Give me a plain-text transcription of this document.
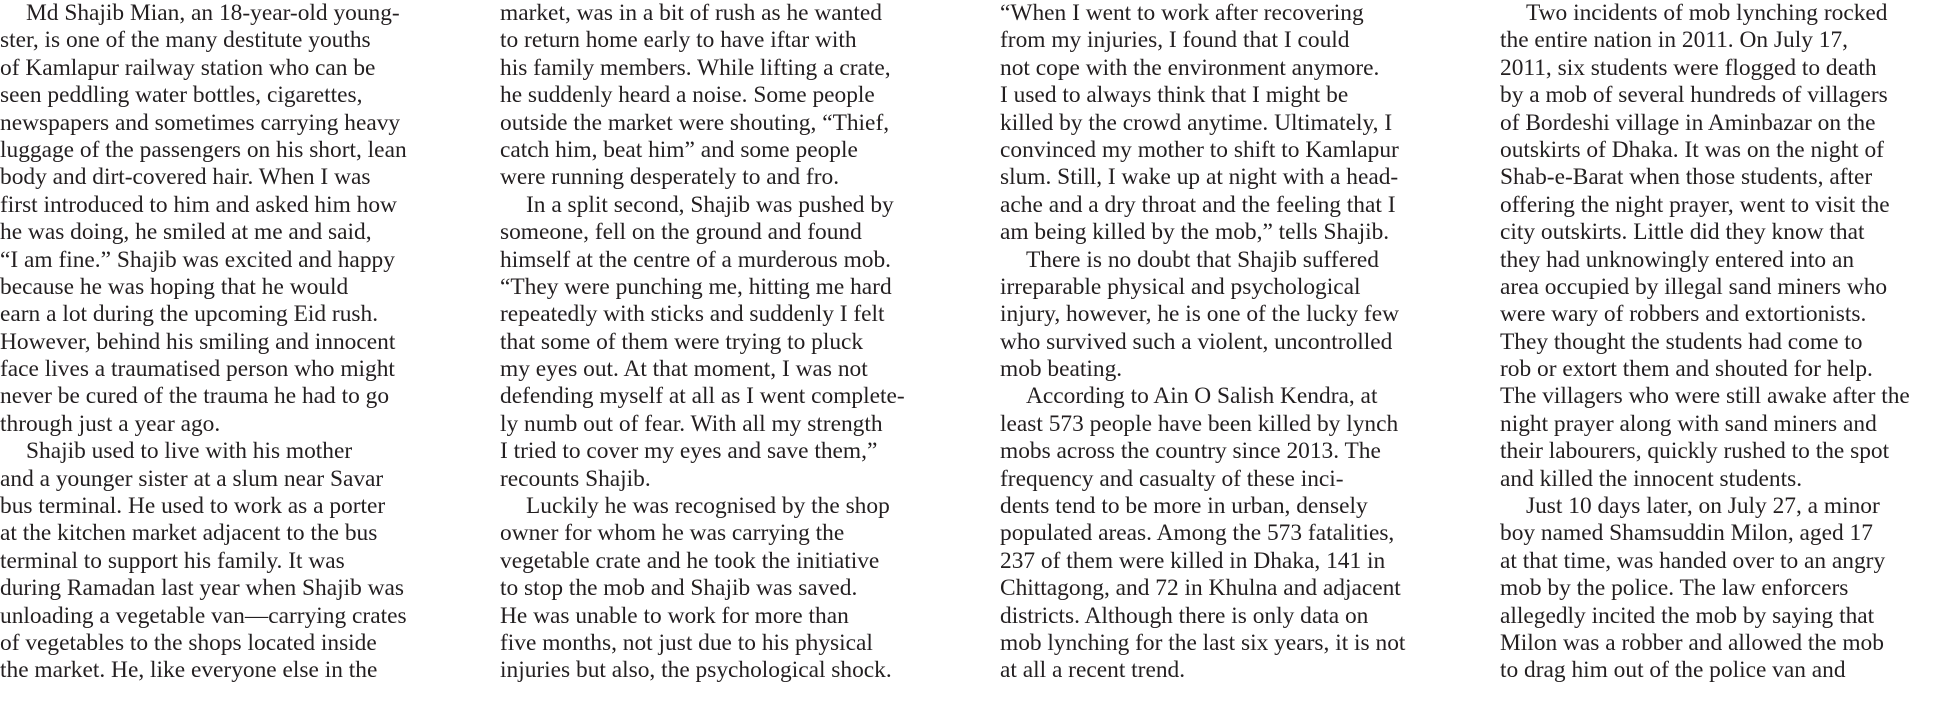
Md Shajib Mian, an 18-year-old young-
ster, is one of the many destitute youths
of Kamlapur railway station who can be
seen peddling water bottles, cigarettes,
newspapers and sometimes carrying heavy
luggage of the passengers on his short, lean
body and dirt-covered hair. When I was
first introduced to him and asked him how
he was doing, he smiled at me and said,
“I am fine.” Shajib was excited and happy
because he was hoping that he would
earn a lot during the upcoming Eid rush.
However, behind his smiling and innocent
face lives a traumatised person who might
never be cured of the trauma he had to go
through just a year ago.
Shajib used to live with his mother
and a younger sister at a slum near Savar
bus terminal. He used to work as a porter
at the kitchen market adjacent to the bus
terminal to support his family. It was
during Ramadan last year when Shajib was
unloading a vegetable van—carrying crates
of vegetables to the shops located inside
the market. He, like everyone else in the
market, was in a bit of rush as he wanted
to return home early to have iftar with
his family members. While lifting a crate,
he suddenly heard a noise. Some people
outside the market were shouting, “Thief,
catch him, beat him” and some people
were running desperately to and fro.
In a split second, Shajib was pushed by
someone, fell on the ground and found
himself at the centre of a murderous mob.
“They were punching me, hitting me hard
repeatedly with sticks and suddenly I felt
that some of them were trying to pluck
my eyes out. At that moment, I was not
defending myself at all as I went complete-
ly numb out of fear. With all my strength
I tried to cover my eyes and save them,”
recounts Shajib.
Luckily he was recognised by the shop
owner for whom he was carrying the
vegetable crate and he took the initiative
to stop the mob and Shajib was saved.
He was unable to work for more than
five months, not just due to his physical
injuries but also, the psychological shock.
“When I went to work after recovering
from my injuries, I found that I could
not cope with the environment anymore.
I used to always think that I might be
killed by the crowd anytime. Ultimately, I
convinced my mother to shift to Kamlapur
slum. Still, I wake up at night with a head-
ache and a dry throat and the feeling that I
am being killed by the mob,” tells Shajib.
There is no doubt that Shajib suffered
irreparable physical and psychological
injury, however, he is one of the lucky few
who survived such a violent, uncontrolled
mob beating.
According to Ain O Salish Kendra, at
least 573 people have been killed by lynch
mobs across the country since 2013. The
frequency and casualty of these inci-
dents tend to be more in urban, densely
populated areas. Among the 573 fatalities,
237 of them were killed in Dhaka, 141 in
Chittagong, and 72 in Khulna and adjacent
districts. Although there is only data on
mob lynching for the last six years, it is not
at all a recent trend.
Two incidents of mob lynching rocked
the entire nation in 2011. On July 17,
2011, six students were flogged to death
by a mob of several hundreds of villagers
of Bordeshi village in Aminbazar on the
outskirts of Dhaka. It was on the night of
Shab-e-Barat when those students, after
offering the night prayer, went to visit the
city outskirts. Little did they know that
they had unknowingly entered into an
area occupied by illegal sand miners who
were wary of robbers and extortionists.
They thought the students had come to
rob or extort them and shouted for help.
The villagers who were still awake after the
night prayer along with sand miners and
their labourers, quickly rushed to the spot
and killed the innocent students.
Just 10 days later, on July 27, a minor
boy named Shamsuddin Milon, aged 17
at that time, was handed over to an angry
mob by the police. The law enforcers
allegedly incited the mob by saying that
Milon was a robber and allowed the mob
to drag him out of the police van and
